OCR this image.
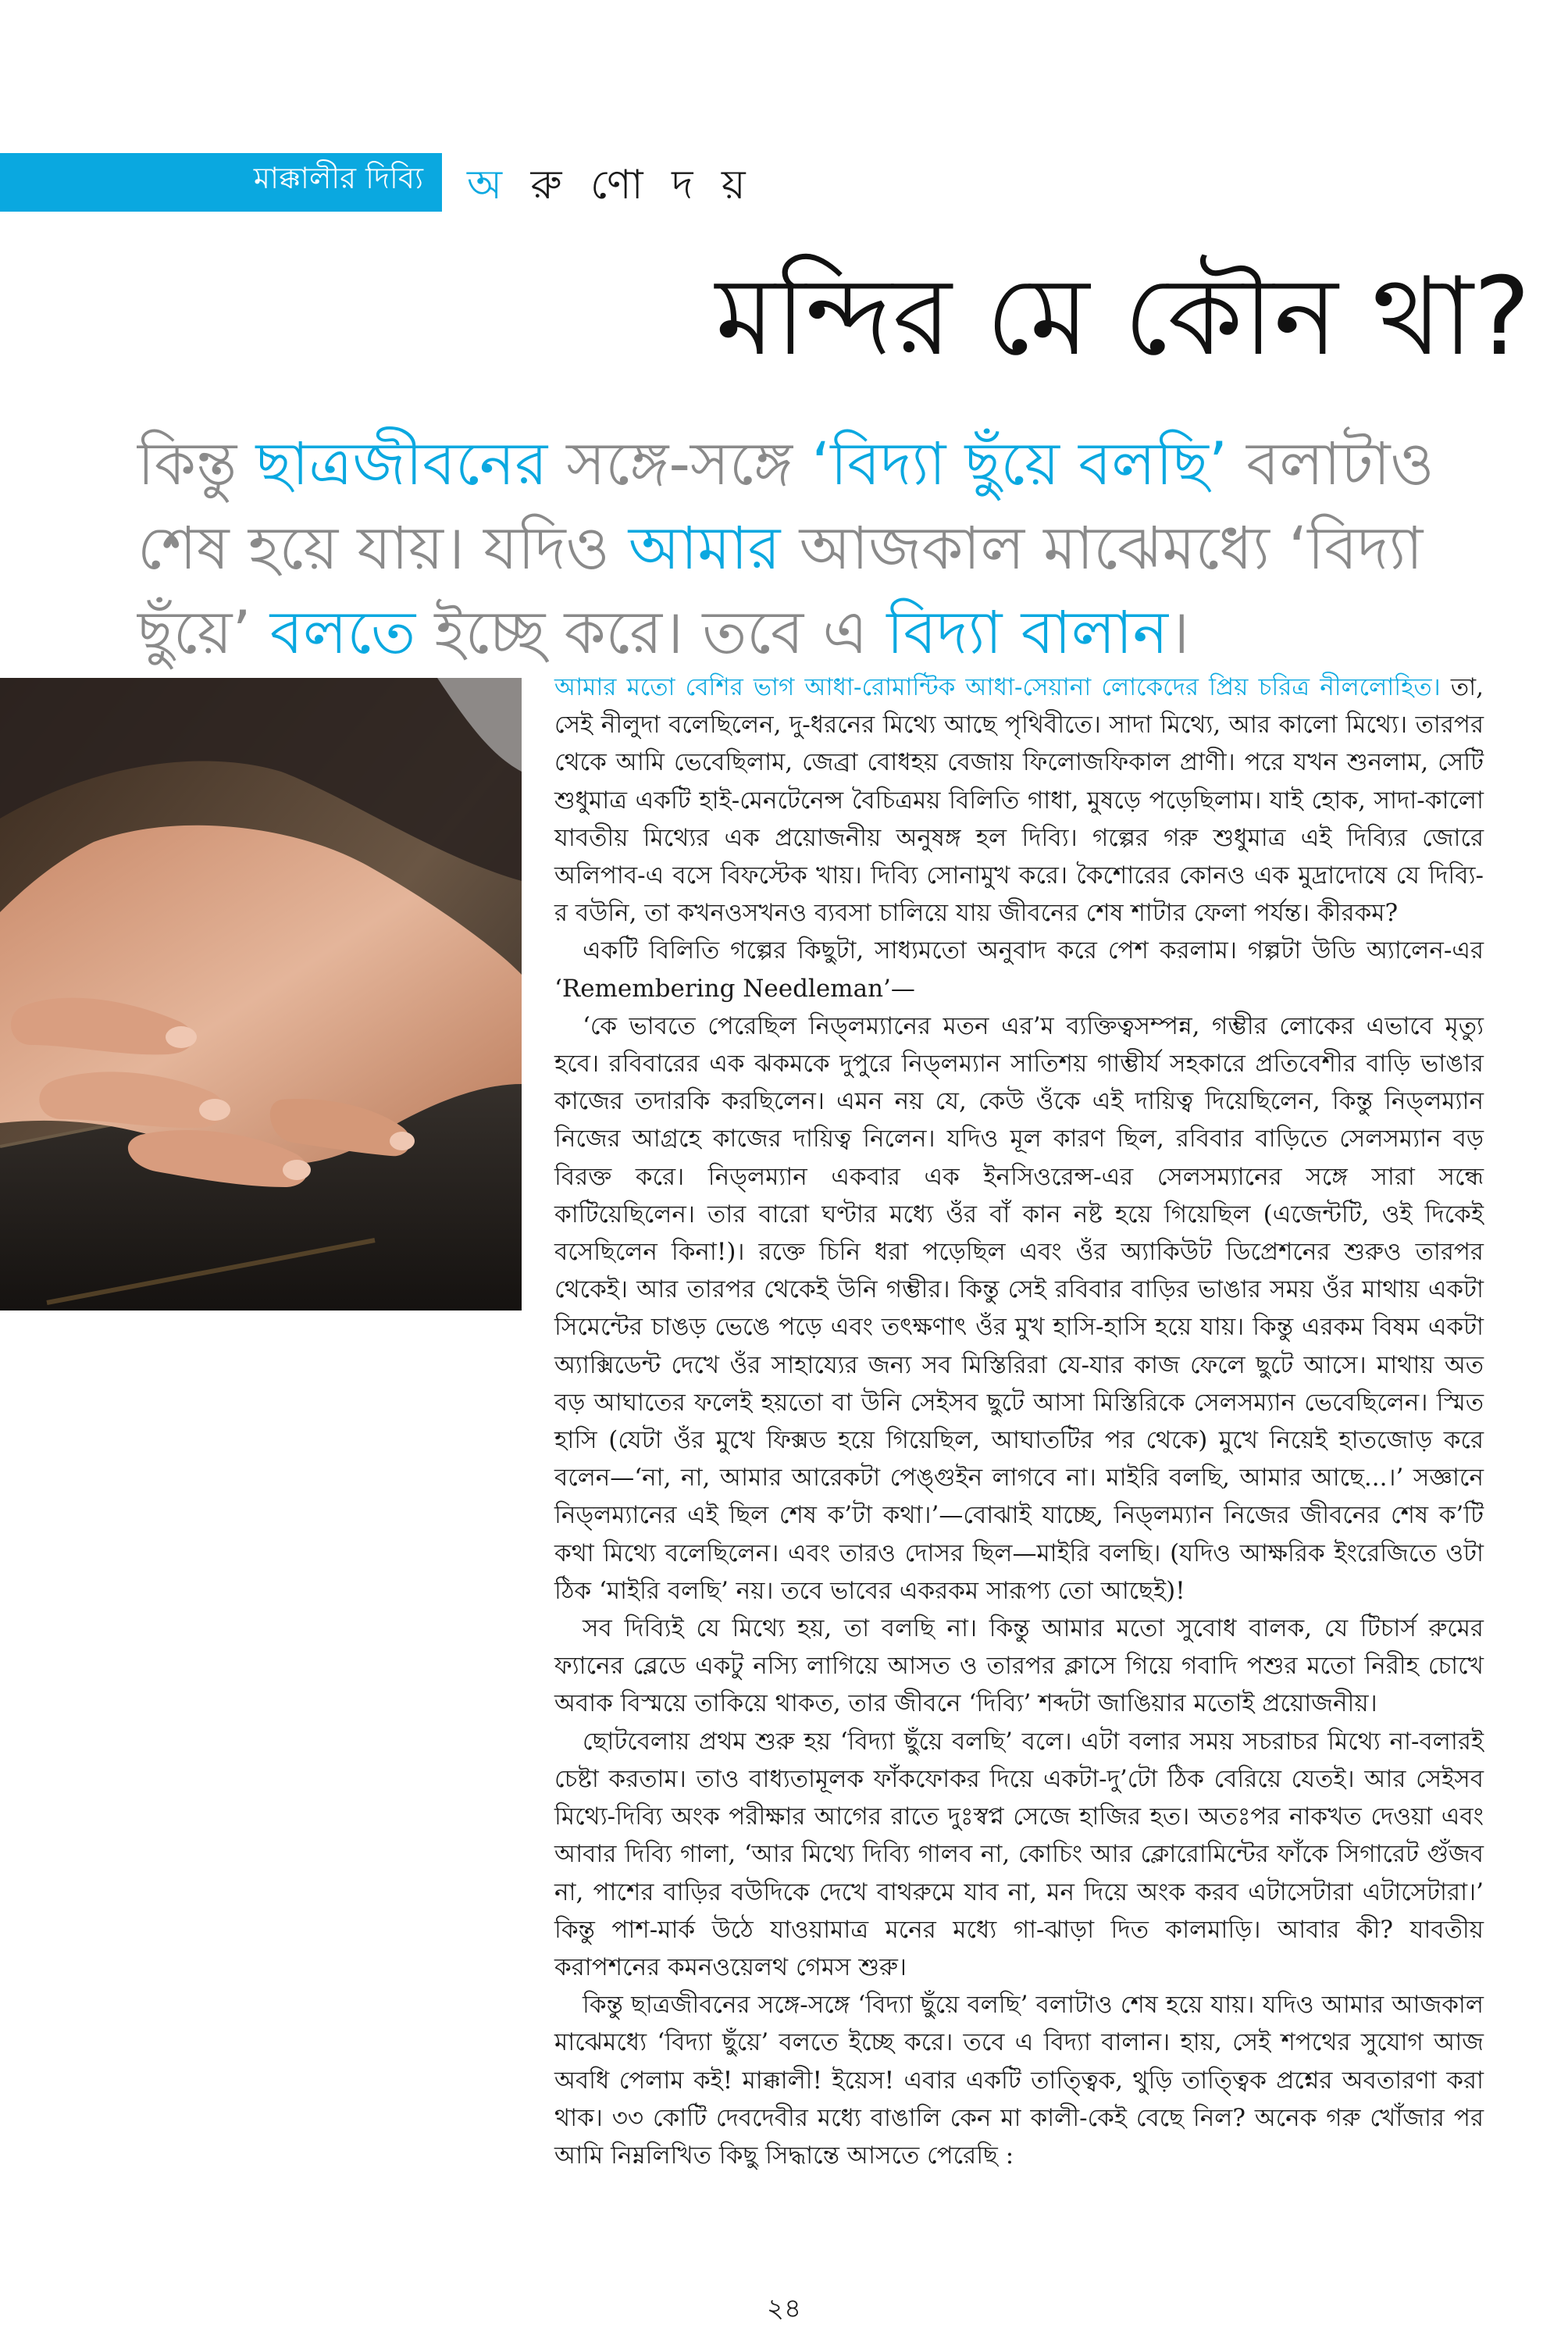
মাক্কালীর দিব্যি অ রু ণো দ য়
মন্দির মে কৌন থা?
কিন্তু ছাত্রজীবনের সঙ্গে-সঙ্গে ‘বিদ্যা ছুঁয়ে বলছি’ বলাটাও শেষ হয়ে যায়। যদিও আমার আজকাল মাঝেমধ্যে ‘বিদ্যা ছুঁয়ে’ বলতে ইচ্ছে করে। তবে এ বিদ্যা বালান।

আমার মতো বেশির ভাগ আধা-রোমান্টিক আধা-সেয়ানা লোকেদের প্রিয় চরিত্র নীললোহিত। তা, সেই নীলুদা বলেছিলেন, দু-ধরনের মিথ্যে আছে পৃথিবীতে। সাদা মিথ্যে, আর কালো মিথ্যে। তারপর থেকে আমি ভেবেছিলাম, জেব্রা বোধহয় বেজায় ফিলোজফিকাল প্রাণী। পরে যখন শুনলাম, সেটি শুধুমাত্র একটি হাই-মেনটেনেন্স বৈচিত্রময় বিলিতি গাধা, মুষড়ে পড়েছিলাম। যাই হোক, সাদা-কালো যাবতীয় মিথ্যের এক প্রয়োজনীয় অনুষঙ্গ হল দিব্যি। গল্পের গরু শুধুমাত্র এই দিব্যির জোরে অলিপাব-এ বসে বিফস্টেক খায়। দিব্যি সোনামুখ করে। কৈশোরের কোনও এক মুদ্রাদোষে যে দিব্যি-র বউনি, তা কখনওসখনও ব্যবসা চালিয়ে যায় জীবনের শেষ শাটার ফেলা পর্যন্ত। কীরকম?

একটি বিলিতি গল্পের কিছুটা, সাধ্যমতো অনুবাদ করে পেশ করলাম। গল্পটা উডি অ্যালেন-এর ‘Remembering Needleman’—

‘কে ভাবতে পেরেছিল নিড্‌লম্যানের মতন এর’ম ব্যক্তিত্বসম্পন্ন, গম্ভীর লোকের এভাবে মৃত্যু হবে। রবিবারের এক ঝকমকে দুপুরে নিড্‌লম্যান সাতিশয় গাম্ভীর্য সহকারে প্রতিবেশীর বাড়ি ভাঙার কাজের তদারকি করছিলেন। এমন নয় যে, কেউ ওঁকে এই দায়িত্ব দিয়েছিলেন, কিন্তু নিড্‌লম্যান নিজের আগ্রহে কাজের দায়িত্ব নিলেন। যদিও মূল কারণ ছিল, রবিবার বাড়িতে সেলসম্যান বড় বিরক্ত করে। নিড্‌লম্যান একবার এক ইনসিওরেন্স-এর সেলসম্যানের সঙ্গে সারা সন্ধে কাটিয়েছিলেন। তার বারো ঘণ্টার মধ্যে ওঁর বাঁ কান নষ্ট হয়ে গিয়েছিল (এজেন্টটি, ওই দিকেই বসেছিলেন কিনা!)। রক্তে চিনি ধরা পড়েছিল এবং ওঁর অ্যাকিউট ডিপ্রেশনের শুরুও তারপর থেকেই। আর তারপর থেকেই উনি গম্ভীর। কিন্তু সেই রবিবার বাড়ির ভাঙার সময় ওঁর মাথায় একটা সিমেন্টের চাঙড় ভেঙে পড়ে এবং তৎক্ষণাৎ ওঁর মুখ হাসি-হাসি হয়ে যায়। কিন্তু এরকম বিষম একটা অ্যাক্সিডেন্ট দেখে ওঁর সাহায্যের জন্য সব মিস্তিরিরা যে-যার কাজ ফেলে ছুটে আসে। মাথায় অত বড় আঘাতের ফলেই হয়তো বা উনি সেইসব ছুটে আসা মিস্তিরিকে সেলসম্যান ভেবেছিলেন। স্মিত হাসি (যেটা ওঁর মুখে ফিক্সড হয়ে গিয়েছিল, আঘাতটির পর থেকে) মুখে নিয়েই হাতজোড় করে বলেন—‘না, না, আমার আরেকটা পেঙ্গুইন লাগবে না। মাইরি বলছি, আমার আছে...।’ সজ্ঞানে নিড্‌লম্যানের এই ছিল শেষ ক’টা কথা।’—বোঝাই যাচ্ছে, নিড্‌লম্যান নিজের জীবনের শেষ ক’টি কথা মিথ্যে বলেছিলেন। এবং তারও দোসর ছিল—মাইরি বলছি। (যদিও আক্ষরিক ইংরেজিতে ওটা ঠিক ‘মাইরি বলছি’ নয়। তবে ভাবের একরকম সারূপ্য তো আছেই)!

সব দিব্যিই যে মিথ্যে হয়, তা বলছি না। কিন্তু আমার মতো সুবোধ বালক, যে টিচার্স রুমের ফ্যানের ব্লেডে একটু নস্যি লাগিয়ে আসত ও তারপর ক্লাসে গিয়ে গবাদি পশুর মতো নিরীহ চোখে অবাক বিস্ময়ে তাকিয়ে থাকত, তার জীবনে ‘দিব্যি’ শব্দটা জাঙিয়ার মতোই প্রয়োজনীয়।

ছোটবেলায় প্রথম শুরু হয় ‘বিদ্যা ছুঁয়ে বলছি’ বলে। এটা বলার সময় সচরাচর মিথ্যে না-বলারই চেষ্টা করতাম। তাও বাধ্যতামূলক ফাঁকফোকর দিয়ে একটা-দু’টো ঠিক বেরিয়ে যেতই। আর সেইসব মিথ্যে-দিব্যি অংক পরীক্ষার আগের রাতে দুঃস্বপ্ন সেজে হাজির হত। অতঃপর নাকখত দেওয়া এবং আবার দিব্যি গালা, ‘আর মিথ্যে দিব্যি গালব না, কোচিং আর ক্লোরোমিন্টের ফাঁকে সিগারেট গুঁজব না, পাশের বাড়ির বউদিকে দেখে বাথরুমে যাব না, মন দিয়ে অংক করব এটাসেটারা এটাসেটারা।’ কিন্তু পাশ-মার্ক উঠে যাওয়ামাত্র মনের মধ্যে গা-ঝাড়া দিত কালমাড়ি। আবার কী? যাবতীয় করাপশনের কমনওয়েলথ গেমস শুরু।

কিন্তু ছাত্রজীবনের সঙ্গে-সঙ্গে ‘বিদ্যা ছুঁয়ে বলছি’ বলাটাও শেষ হয়ে যায়। যদিও আমার আজকাল মাঝেমধ্যে ‘বিদ্যা ছুঁয়ে’ বলতে ইচ্ছে করে। তবে এ বিদ্যা বালান। হায়, সেই শপথের সুযোগ আজ অবধি পেলাম কই! মাক্কালী! ইয়েস! এবার একটি তাত্ত্বিক, থুড়ি তাত্ত্বিক প্রশ্নের অবতারণা করা থাক। ৩৩ কোটি দেবদেবীর মধ্যে বাঙালি কেন মা কালী-কেই বেছে নিল? অনেক গরু খোঁজার পর আমি নিম্নলিখিত কিছু সিদ্ধান্তে আসতে পেরেছি :

২৪
